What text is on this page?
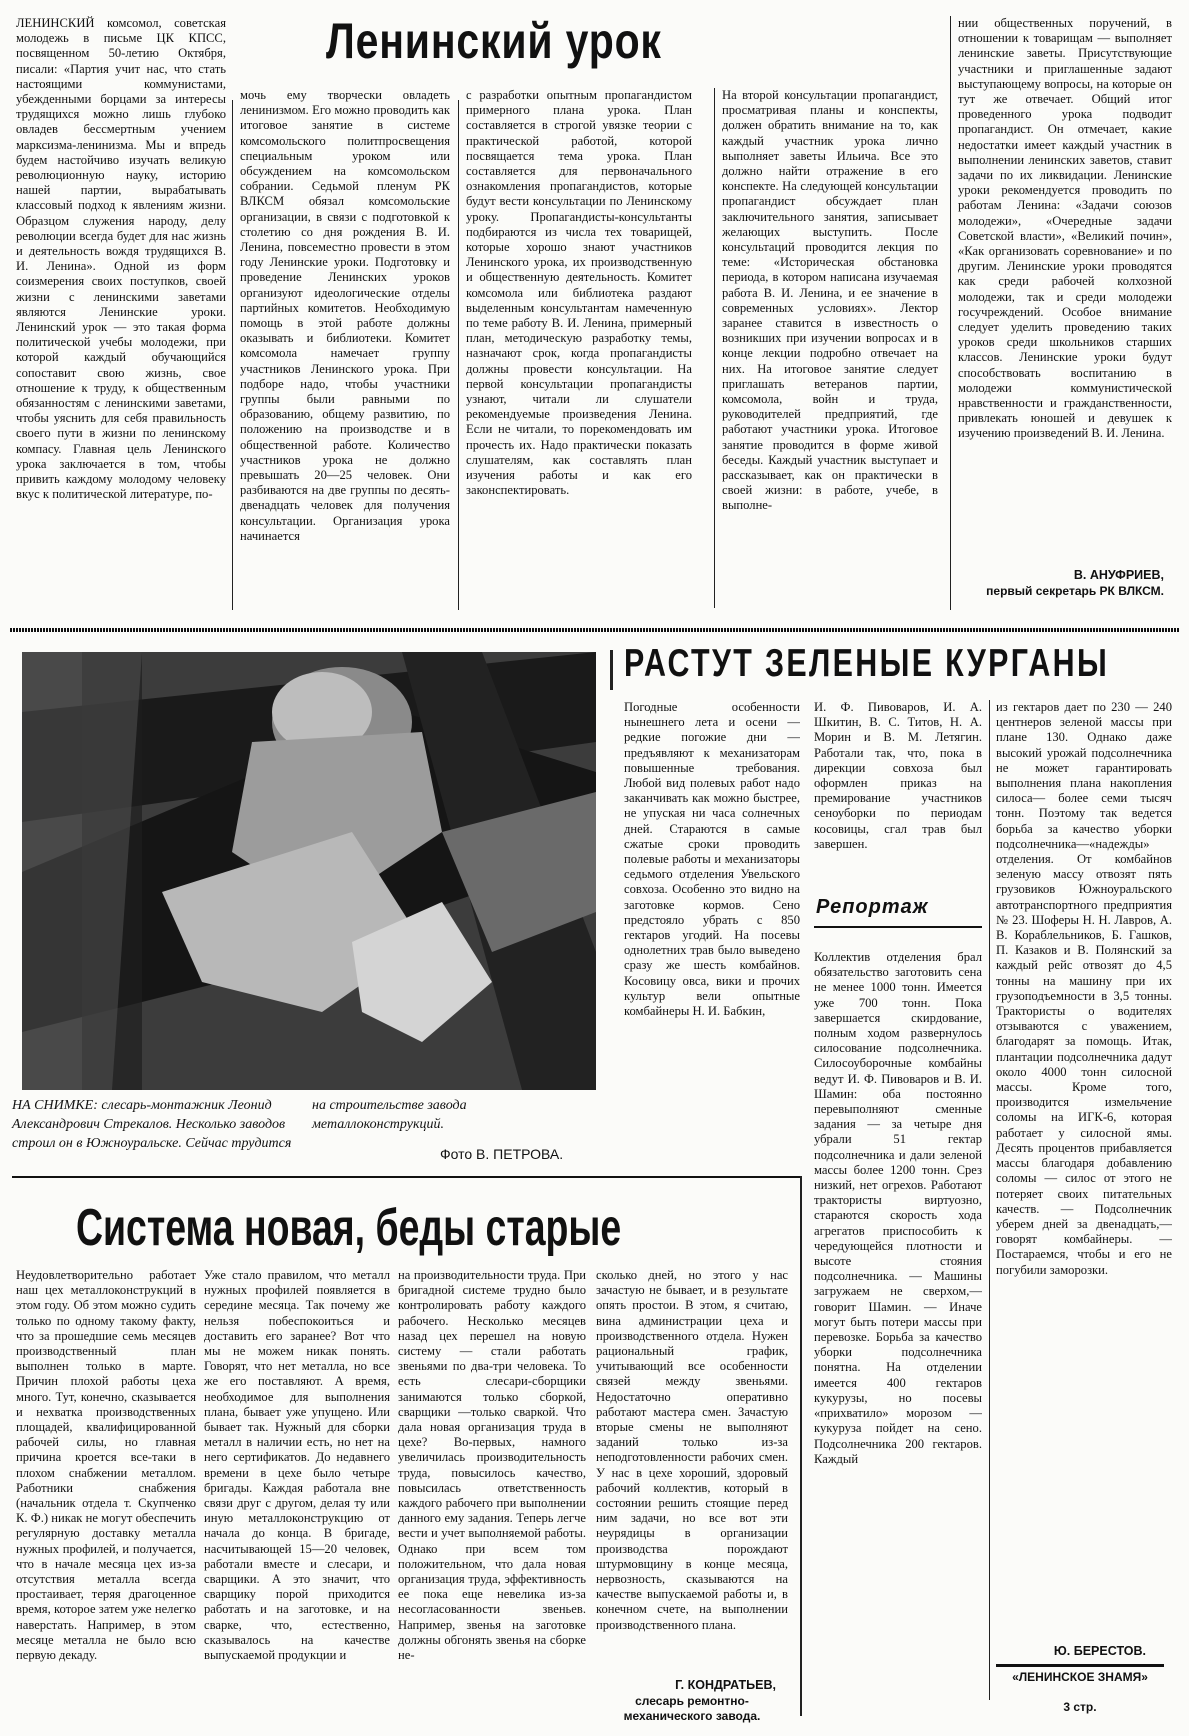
Ленинский урок
ЛЕНИНСКИЙ комсомол, советская молодежь в письме ЦК КПСС, посвященном 50-летию Октября, писали: «Партия учит нас, что стать настоящими коммунистами, убежденными борцами за интересы трудящихся можно лишь глубоко овладев бессмертным учением марксизма-ленинизма. Мы и впредь будем настойчиво изучать великую революционную науку, историю нашей партии, вырабатывать классовый подход к явлениям жизни. Образцом служения народу, делу революции всегда будет для нас жизнь и деятельность вождя трудящихся В. И. Ленина». Одной из форм соизмерения своих поступков, своей жизни с ленинскими заветами являются Ленинские уроки. Ленинский урок — это такая форма политической учебы молодежи, при которой каждый обучающийся сопоставит свою жизнь, свое отношение к труду, к общественным обязанностям с ленинскими заветами, чтобы уяснить для себя правильность своего пути в жизни по ленинскому компасу. Главная цель Ленинского урока заключается в том, чтобы привить каждому молодому человеку вкус к политической литературе, по-
мочь ему творчески овладеть ленинизмом. Его можно проводить как итоговое занятие в системе комсомольского политпросвещения специальным уроком или обсуждением на комсомольском собрании. Седьмой пленум РК ВЛКСМ обязал комсомольские организации, в связи с подготовкой к столетию со дня рождения В. И. Ленина, повсеместно провести в этом году Ленинские уроки. Подготовку и проведение Ленинских уроков организуют идеологические отделы партийных комитетов. Необходимую помощь в этой работе должны оказывать и библиотеки. Комитет комсомола намечает группу участников Ленинского урока. При подборе надо, чтобы участники группы были равными по образованию, общему развитию, по положению на производстве и в общественной работе. Количество участников урока не должно превышать 20—25 человек. Они разбиваются на две группы по десять-двенадцать человек для получения консультации. Организация урока начинается
с разработки опытным пропагандистом примерного плана урока. План составляется в строгой увязке теории с практической работой, которой посвящается тема урока. План составляется для первоначального ознакомления пропагандистов, которые будут вести консультации по Ленинскому уроку. Пропагандисты-консультанты подбираются из числа тех товарищей, которые хорошо знают участников Ленинского урока, их производственную и общественную деятельность. Комитет комсомола или библиотека раздают выделенным консультантам намеченную по теме работу В. И. Ленина, примерный план, методическую разработку темы, назначают срок, когда пропагандисты должны провести консультации. На первой консультации пропагандисты узнают, читали ли слушатели рекомендуемые произведения Ленина. Если не читали, то порекомендовать им прочесть их. Надо практически показать слушателям, как составлять план изучения работы и как его законспектировать.
На второй консультации пропагандист, просматривая планы и конспекты, должен обратить внимание на то, как каждый участник урока лично выполняет заветы Ильича. Все это должно найти отражение в его конспекте. На следующей консультации пропагандист обсуждает план заключительного занятия, записывает желающих выступить. После консультаций проводится лекция по теме: «Историческая обстановка периода, в котором написана изучаемая работа В. И. Ленина, и ее значение в современных условиях». Лектор заранее ставится в известность о возникших при изучении вопросах и в конце лекции подробно отвечает на них. На итоговое занятие следует приглашать ветеранов партии, комсомола, войн и труда, руководителей предприятий, где работают участники урока. Итоговое занятие проводится в форме живой беседы. Каждый участник выступает и рассказывает, как он практически в своей жизни: в работе, учебе, в выполне-
нии общественных поручений, в отношении к товарищам — выполняет ленинские заветы. Присутствующие участники и приглашенные задают выступающему вопросы, на которые он тут же отвечает. Общий итог проведенного урока подводит пропагандист. Он отмечает, какие недостатки имеет каждый участник в выполнении ленинских заветов, ставит задачи по их ликвидации. Ленинские уроки рекомендуется проводить по работам Ленина: «Задачи союзов молодежи», «Очередные задачи Советской власти», «Великий почин», «Как организовать соревнование» и по другим. Ленинские уроки проводятся как среди рабочей колхозной молодежи, так и среди молодежи госучреждений. Особое внимание следует уделить проведению таких уроков среди школьников старших классов. Ленинские уроки будут способствовать воспитанию в молодежи коммунистической нравственности и гражданственности, привлекать юношей и девушек к изучению произведений В. И. Ленина.
В. АНУФРИЕВ,
первый секретарь РК ВЛКСМ.
НА СНИМКЕ: слесарь-монтажник Леонид Александрович Стрекалов. Несколько заводов строил он в Южноуральске. Сейчас трудится
на строительстве завода металлоконструкций.
Фото В. ПЕТРОВА.
РАСТУТ ЗЕЛЕНЫЕ КУРГАНЫ
Погодные особенности нынешнего лета и осени — редкие погожие дни — предъявляют к механизаторам повышенные требования. Любой вид полевых работ надо заканчивать как можно быстрее, не упуская ни часа солнечных дней. Стараются в самые сжатые сроки проводить полевые работы и механизаторы седьмого отделения Увельского совхоза. Особенно это видно на заготовке кормов. Сено предстояло убрать с 850 гектаров угодий. На посевы однолетних трав было выведено сразу же шесть комбайнов. Косовицу овса, вики и прочих культур вели опытные комбайнеры Н. И. Бабкин,
И. Ф. Пивоваров, И. А. Шкитин, В. С. Титов, Н. А. Морин и В. М. Летягин. Работали так, что, пока в дирекции совхоза был оформлен приказ на премирование участников сеноуборки по периодам косовицы, сгал трав был завершен.
Репортаж
Коллектив отделения брал обязательство заготовить сена не менее 1000 тонн. Имеется уже 700 тонн. Пока завершается скирдование, полным ходом развернулось силосование подсолнечника. Силосоуборочные комбайны ведут И. Ф. Пивоваров и В. И. Шамин: оба постоянно перевыполняют сменные задания — за четыре дня убрали 51 гектар подсолнечника и дали зеленой массы более 1200 тонн. Срез низкий, нет огрехов. Работают трактористы виртуозно, стараются скорость хода агрегатов приспособить к чередующейся плотности и высоте стояния подсолнечника. — Машины загружаем не сверхом,—говорит Шамин. — Иначе могут быть потери массы при перевозке. Борьба за качество уборки подсолнечника понятна. На отделении имеется 400 гектаров кукурузы, но посевы «прихватило» морозом — кукуруза пойдет на сено. Подсолнечника 200 гектаров. Каждый
из гектаров дает по 230 — 240 центнеров зеленой массы при плане 130. Однако даже высокий урожай подсолнечника не может гарантировать выполнения плана накопления силоса— более семи тысяч тонн. Поэтому так ведется борьба за качество уборки подсолнечника—«надежды» отделения. От комбайнов зеленую массу отвозят пять грузовиков Южноуральского автотранспортного предприятия № 23. Шоферы Н. Н. Лавров, А. В. Кораблельников, Б. Гашков, П. Казаков и В. Полянский за каждый рейс отвозят до 4,5 тонны на машину при их грузоподъемности в 3,5 тонны. Трактористы о водителях отзываются с уважением, благодарят за помощь. Итак, плантации подсолнечника дадут около 4000 тонн силосной массы. Кроме того, производится измельчение соломы на ИГК-6, которая работает у силосной ямы. Десять процентов прибавляется массы благодаря добавлению соломы — силос от этого не потеряет своих питательных качеств. — Подсолнечник уберем дней за двенадцать,— говорят комбайнеры. — Постараемся, чтобы и его не погубили заморозки.
Ю. БЕРЕСТОВ.
Система новая, беды старые
Неудовлетворительно работает наш цех металлоконструкций в этом году. Об этом можно судить только по одному такому факту, что за прошедшие семь месяцев производственный план выполнен только в марте. Причин плохой работы цеха много. Тут, конечно, сказывается и нехватка производственных площадей, квалифицированной рабочей силы, но главная причина кроется все-таки в плохом снабжении металлом. Работники снабжения (начальник отдела т. Скупченко К. Ф.) никак не могут обеспечить регулярную доставку металла нужных профилей, и получается, что в начале месяца цех из-за отсутствия металла всегда простаивает, теряя драгоценное время, которое затем уже нелегко наверстать. Например, в этом месяце металла не было всю первую декаду.
Уже стало правилом, что металл нужных профилей появляется в середине месяца. Так почему же нельзя побеспокоиться и доставить его заранее? Вот что мы не можем никак понять. Говорят, что нет металла, но все же его поставляют. А время, необходимое для выполнения плана, бывает уже упущено. Или бывает так. Нужный для сборки металл в наличии есть, но нет на него сертификатов. До недавнего времени в цехе было четыре бригады. Каждая работала вне связи друг с другом, делая ту или иную металлоконструкцию от начала до конца. В бригаде, насчитывающей 15—20 человек, работали вместе и слесари, и сварщики. А это значит, что сварщику порой приходится работать и на заготовке, и на сварке, что, естественно, сказывалось на качестве выпускаемой продукции и
на производительности труда. При бригадной системе трудно было контролировать работу каждого рабочего. Несколько месяцев назад цех перешел на новую систему — стали работать звеньями по два-три человека. То есть слесари-сборщики занимаются только сборкой, сварщики —только сваркой. Что дала новая организация труда в цехе? Во-первых, намного увеличилась производительность труда, повысилось качество, повысилась ответственность каждого рабочего при выполнении данного ему задания. Теперь легче вести и учет выполняемой работы. Однако при всем том положительном, что дала новая организация труда, эффективность ее пока еще невелика из-за несогласованности звеньев. Например, звенья на заготовке должны обгонять звенья на сборке не-
сколько дней, но этого у нас зачастую не бывает, и в результате опять простои. В этом, я считаю, вина администрации цеха и производственного отдела. Нужен рациональный график, учитывающий все особенности связей между звеньями. Недостаточно оперативно работают мастера смен. Зачастую вторые смены не выполняют заданий только из-за неподготовленности рабочих смен. У нас в цехе хороший, здоровый рабочий коллектив, который в состоянии решить стоящие перед ним задачи, но все вот эти неурядицы в организации производства порождают штурмовщину в конце месяца, нервозность, сказываются на качестве выпускаемой работы и, в конечном счете, на выполнении производственного плана.
Г. КОНДРАТЬЕВ,
слесарь ремонтно-механического завода.
«ЛЕНИНСКОЕ ЗНАМЯ»
3 стр.
